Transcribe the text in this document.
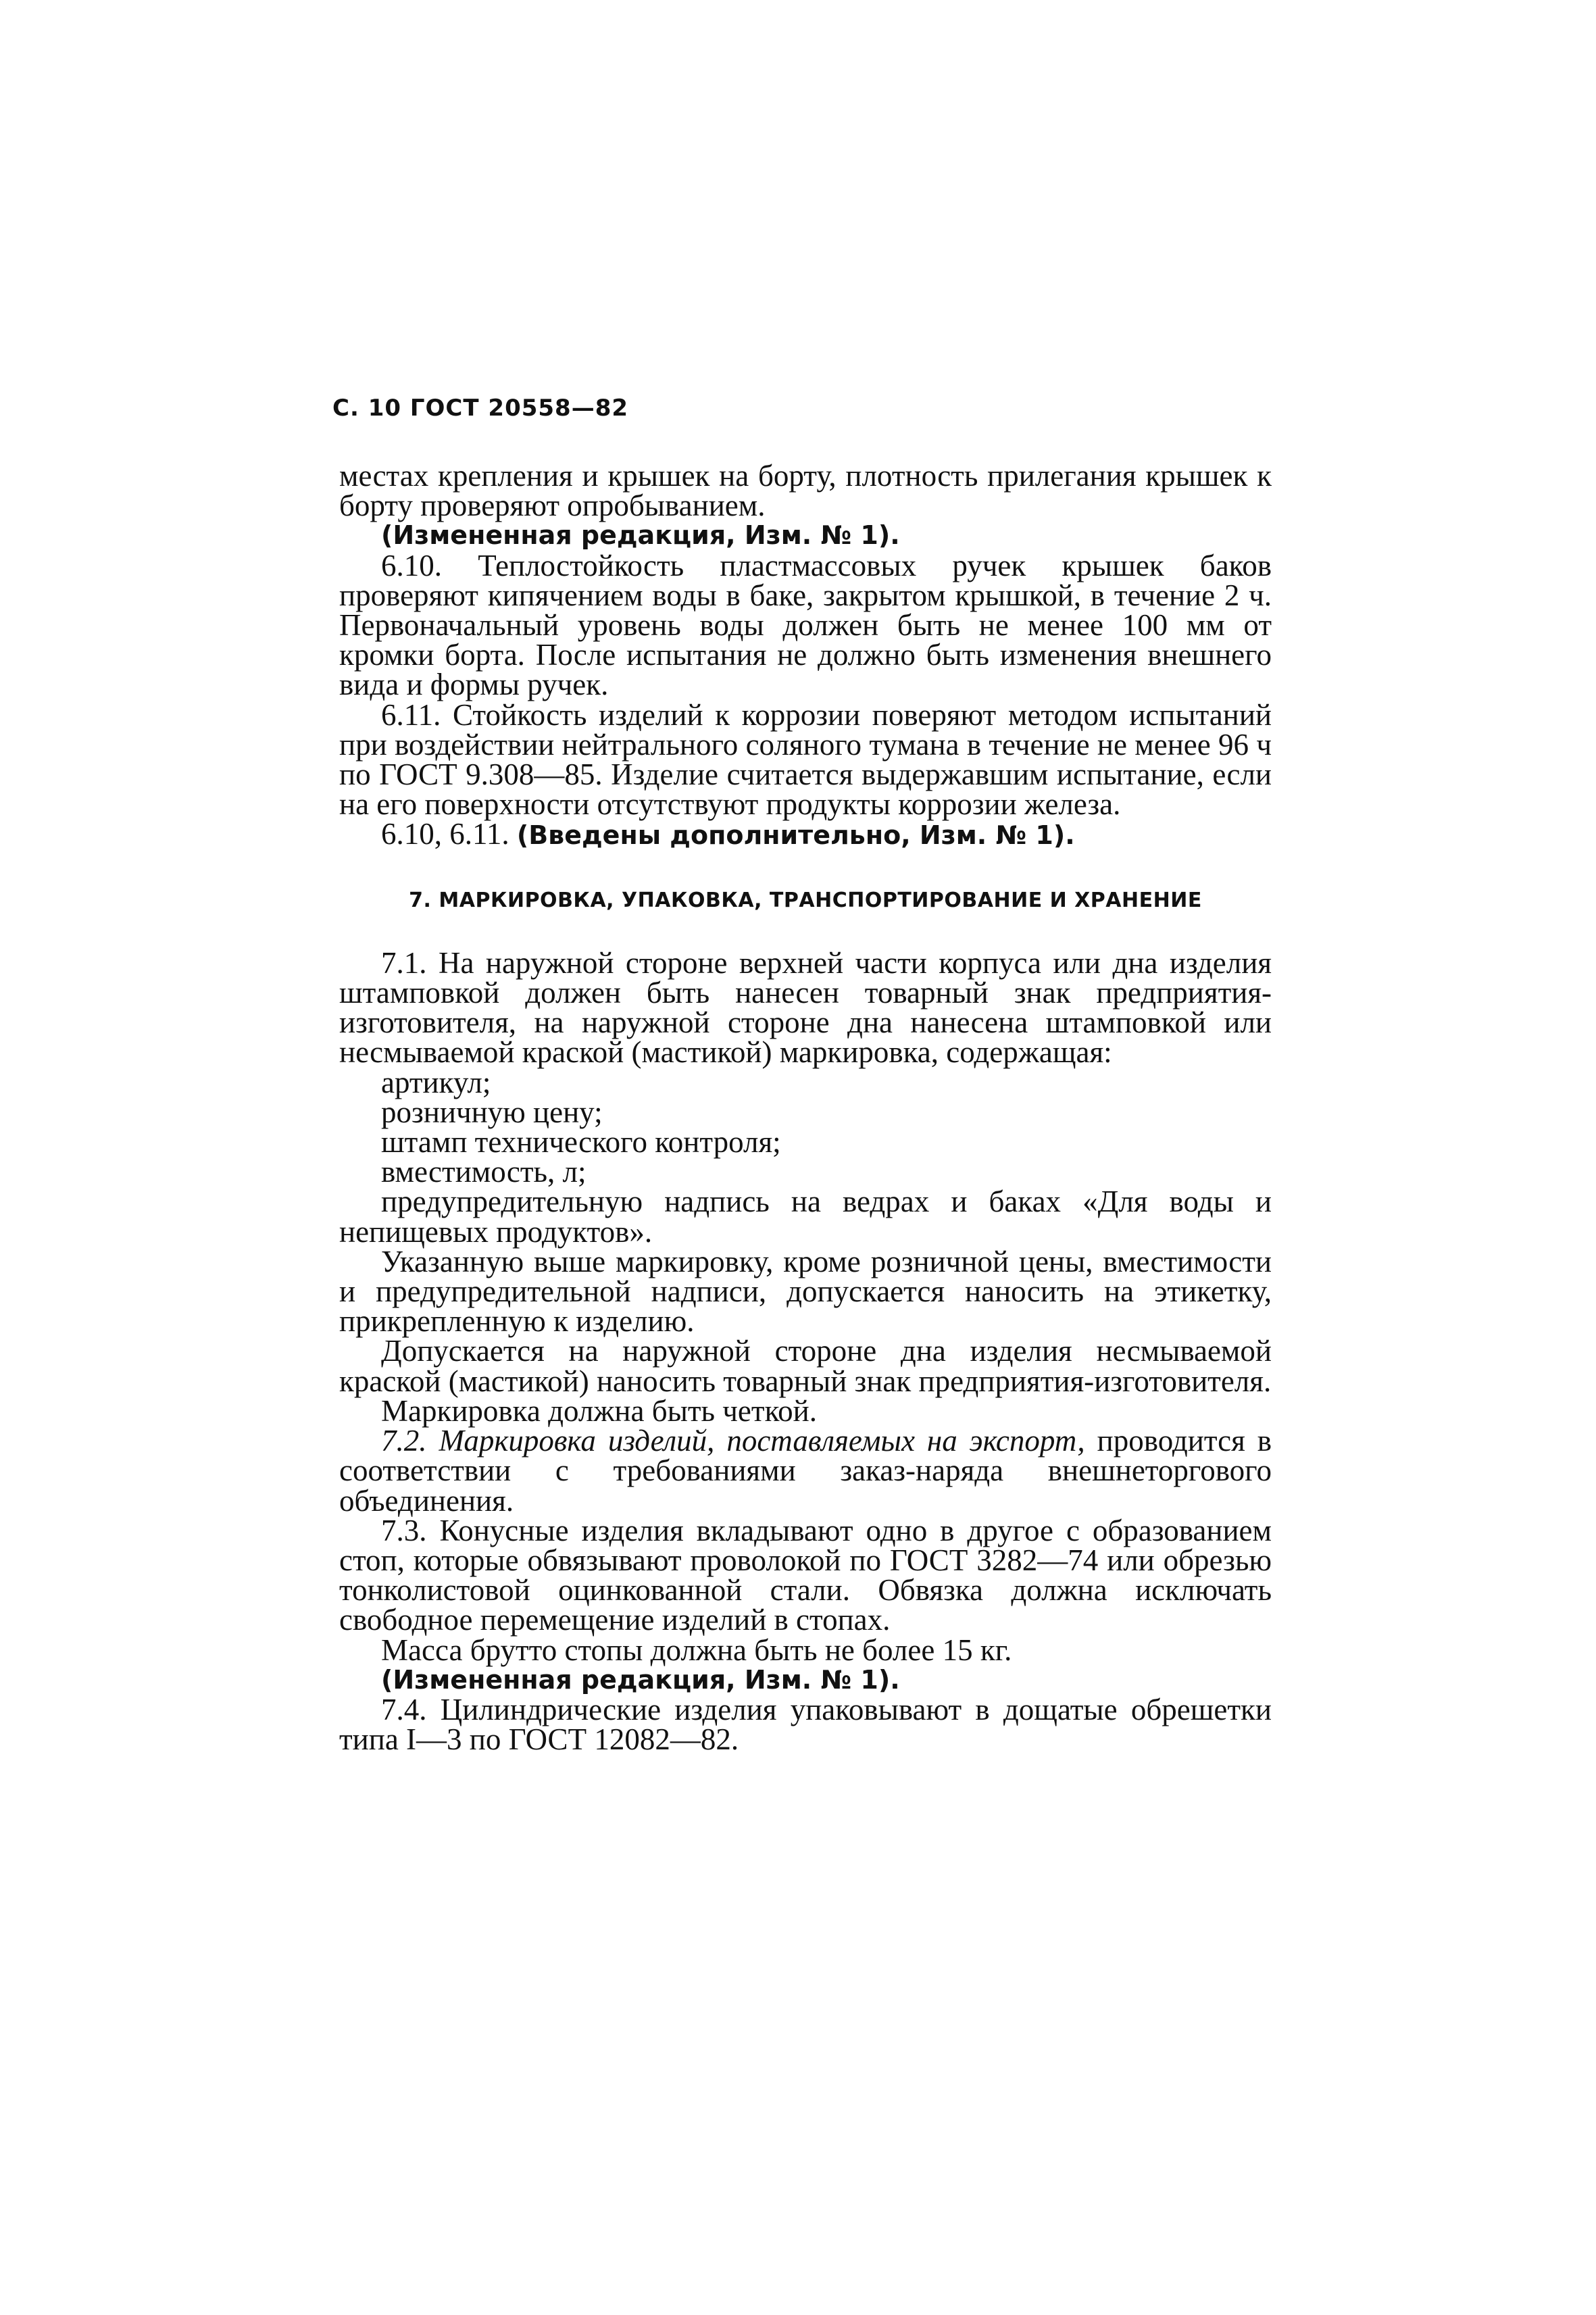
С. 10 ГОСТ 20558—82

местах крепления и крышек на борту, плотность прилегания крышек к борту проверяют опробыванием.

(Измененная редакция, Изм. № 1).

6.10. Теплостойкость пластмассовых ручек крышек баков проверяют кипячением воды в баке, закрытом крышкой, в течение 2 ч. Первоначальный уровень воды должен быть не менее 100 мм от кромки борта. После испытания не должно быть изменения внешнего вида и формы ручек.

6.11. Стойкость изделий к коррозии поверяют методом испытаний при воздействии нейтрального соляного тумана в течение не менее 96 ч по ГОСТ 9.308—85. Изделие считается выдержавшим испытание, если на его поверхности отсутствуют продукты коррозии железа.

6.10, 6.11. (Введены дополнительно, Изм. № 1).

7. МАРКИРОВКА, УПАКОВКА, ТРАНСПОРТИРОВАНИЕ И ХРАНЕНИЕ

7.1. На наружной стороне верхней части корпуса или дна изделия штамповкой должен быть нанесен товарный знак предприятия-изготовителя, на наружной стороне дна нанесена штамповкой или несмываемой краской (мастикой) маркировка, содержащая:

артикул;

розничную цену;

штамп технического контроля;

вместимость, л;

предупредительную надпись на ведрах и баках «Для воды и непищевых продуктов».

Указанную выше маркировку, кроме розничной цены, вместимости и предупредительной надписи, допускается наносить на этикетку, прикрепленную к изделию.

Допускается на наружной стороне дна изделия несмываемой краской (мастикой) наносить товарный знак предприятия-изготовителя.

Маркировка должна быть четкой.

7.2. Маркировка изделий, поставляемых на экспорт, проводится в соответствии с требованиями заказ-наряда внешнеторгового объединения.

7.3. Конусные изделия вкладывают одно в другое с образованием стоп, которые обвязывают проволокой по ГОСТ 3282—74 или обрезью тонколистовой оцинкованной стали. Обвязка должна исключать свободное перемещение изделий в стопах.

Масса брутто стопы должна быть не более 15 кг.

(Измененная редакция, Изм. № 1).

7.4. Цилиндрические изделия упаковывают в дощатые обрешетки типа I—3 по ГОСТ 12082—82.
